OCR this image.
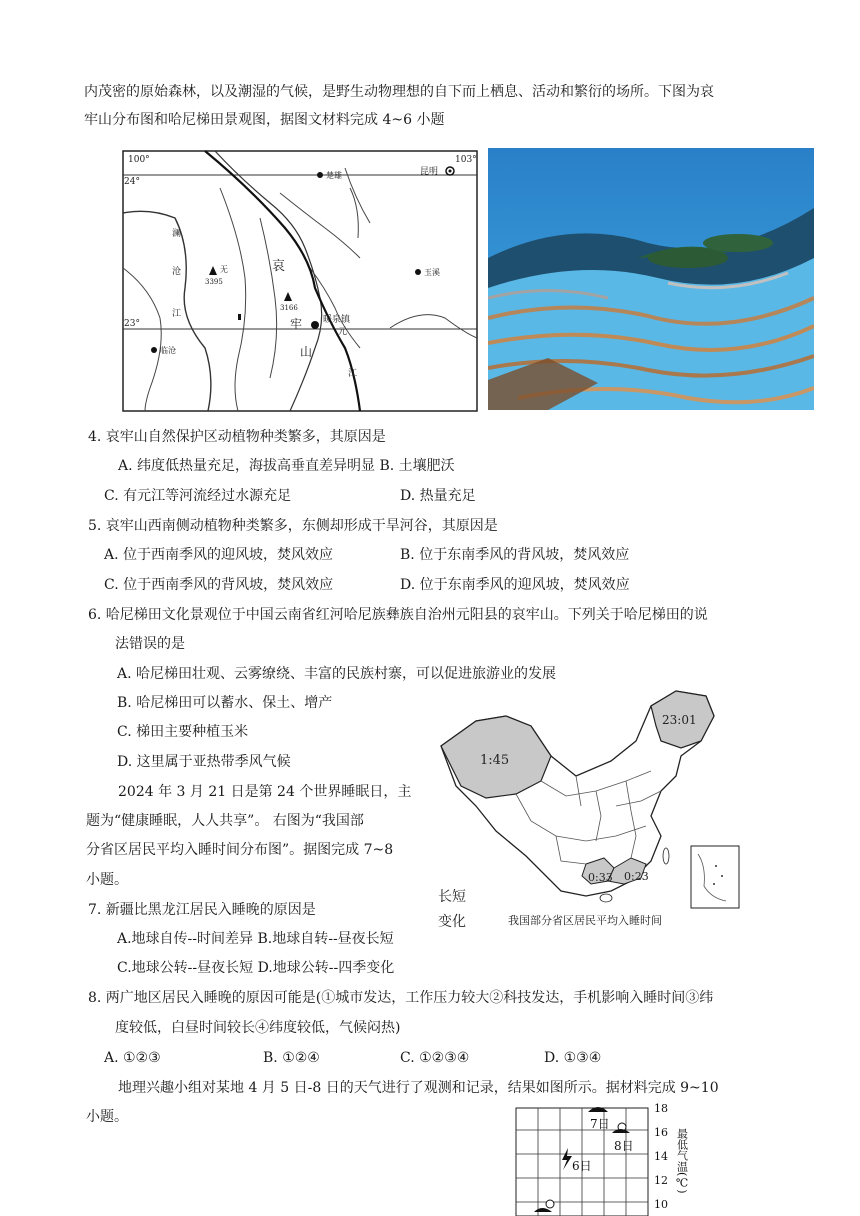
内茂密的原始森林，以及潮湿的气候，是野生动物理想的自下而上栖息、活动和繁衍的场所。下图为哀
牢山分布图和哈尼梯田景观图，据图文材料完成 4~6 小题
100°	103°
24°
23°
昆明
楚雄
玉溪
临沧
澜
沧
江
无
3395
3166
哀
牢
山
元
江
暖泉镇
4. 哀牢山自然保护区动植物种类繁多，其原因是
A. 纬度低热量充足，海拔高垂直差异明显 B. 土壤肥沃
C. 有元江等河流经过水源充足	D. 热量充足
5. 哀牢山西南侧动植物种类繁多，东侧却形成干旱河谷，其原因是
A. 位于西南季风的迎风坡，焚风效应	B. 位于东南季风的背风坡，焚风效应
C. 位于西南季风的背风坡，焚风效应	D. 位于东南季风的迎风坡，焚风效应
6. 哈尼梯田文化景观位于中国云南省红河哈尼族彝族自治州元阳县的哀牢山。下列关于哈尼梯田的说
法错误的是
A. 哈尼梯田壮观、云雾缭绕、丰富的民族村寨，可以促进旅游业的发展
B. 哈尼梯田可以蓄水、保土、增产
C. 梯田主要种植玉米
D. 这里属于亚热带季风气候
2024 年 3 月 21 日是第 24 个世界睡眠日，主
题为“健康睡眠，人人共享”。 右图为“我国部
分省区居民平均入睡时间分布图”。据图完成 7~8
小题。
1:45
23:01
0:33 0:23
我国部分省区居民平均入睡时间
长短
变化
7. 新疆比黑龙江居民入睡晚的原因是
A.地球自传--时间差异 B.地球自转--昼夜长短
C.地球公转--昼夜长短 D.地球公转--四季变化
8. 两广地区居民入睡晚的原因可能是(①城市发达，工作压力较大②科技发达，手机影响入睡时间③纬
度较低，白昼时间较长④纬度较低，气候闷热)
A. ①②③	B. ①②④	C. ①②③④	D. ①③④
地理兴趣小组对某地 4 月 5 日-8 日的天气进行了观测和记录，结果如图所示。据材料完成 9~10
小题。	7日
8日
6日
18
16
14
12
10
最低气温(℃)
